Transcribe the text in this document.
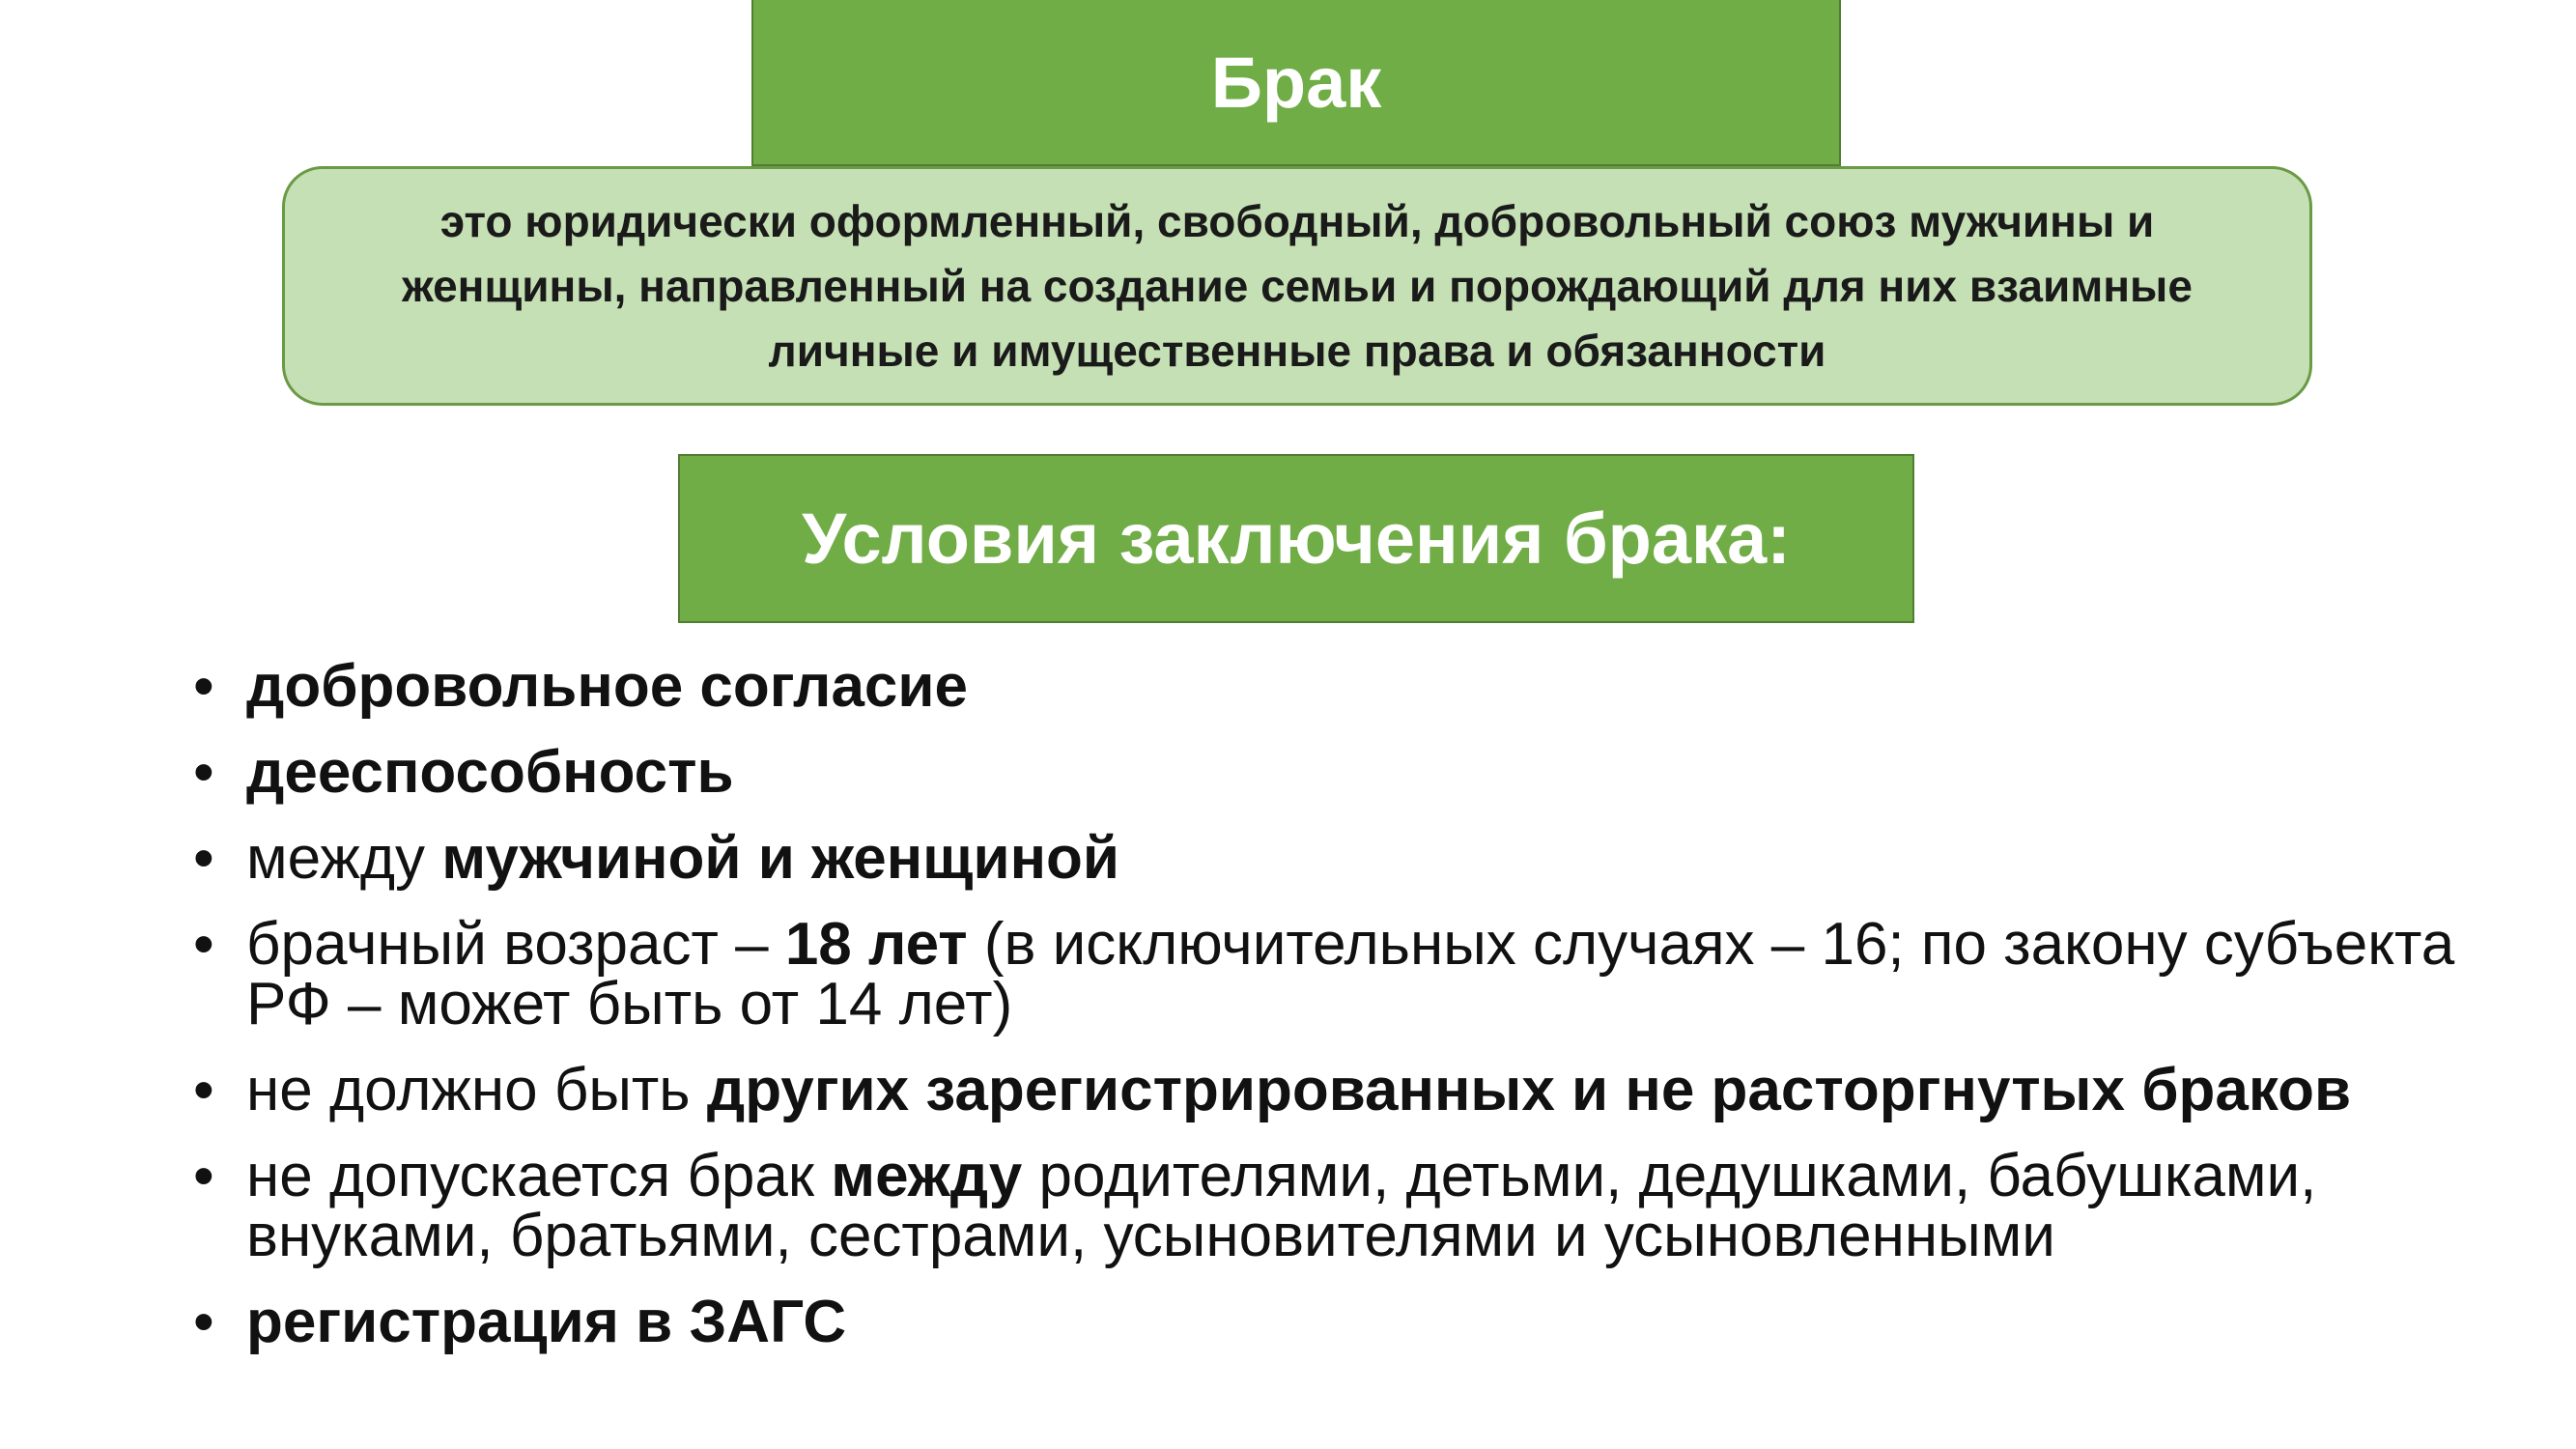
Брак
это юридически оформленный, свободный, добровольный союз мужчины и женщины, направленный на создание семьи и порождающий для них взаимные личные и имущественные права и обязанности
Условия заключения брака:
• добровольное согласие
• дееспособность
• между мужчиной и женщиной
• брачный возраст – 18 лет (в исключительных случаях – 16; по закону субъекта РФ – может быть от 14 лет)
• не должно быть других зарегистрированных и не расторгнутых браков
• не допускается брак между родителями, детьми, дедушками, бабушками, внуками, братьями, сестрами, усыновителями и усыновленными
• регистрация в ЗАГС
